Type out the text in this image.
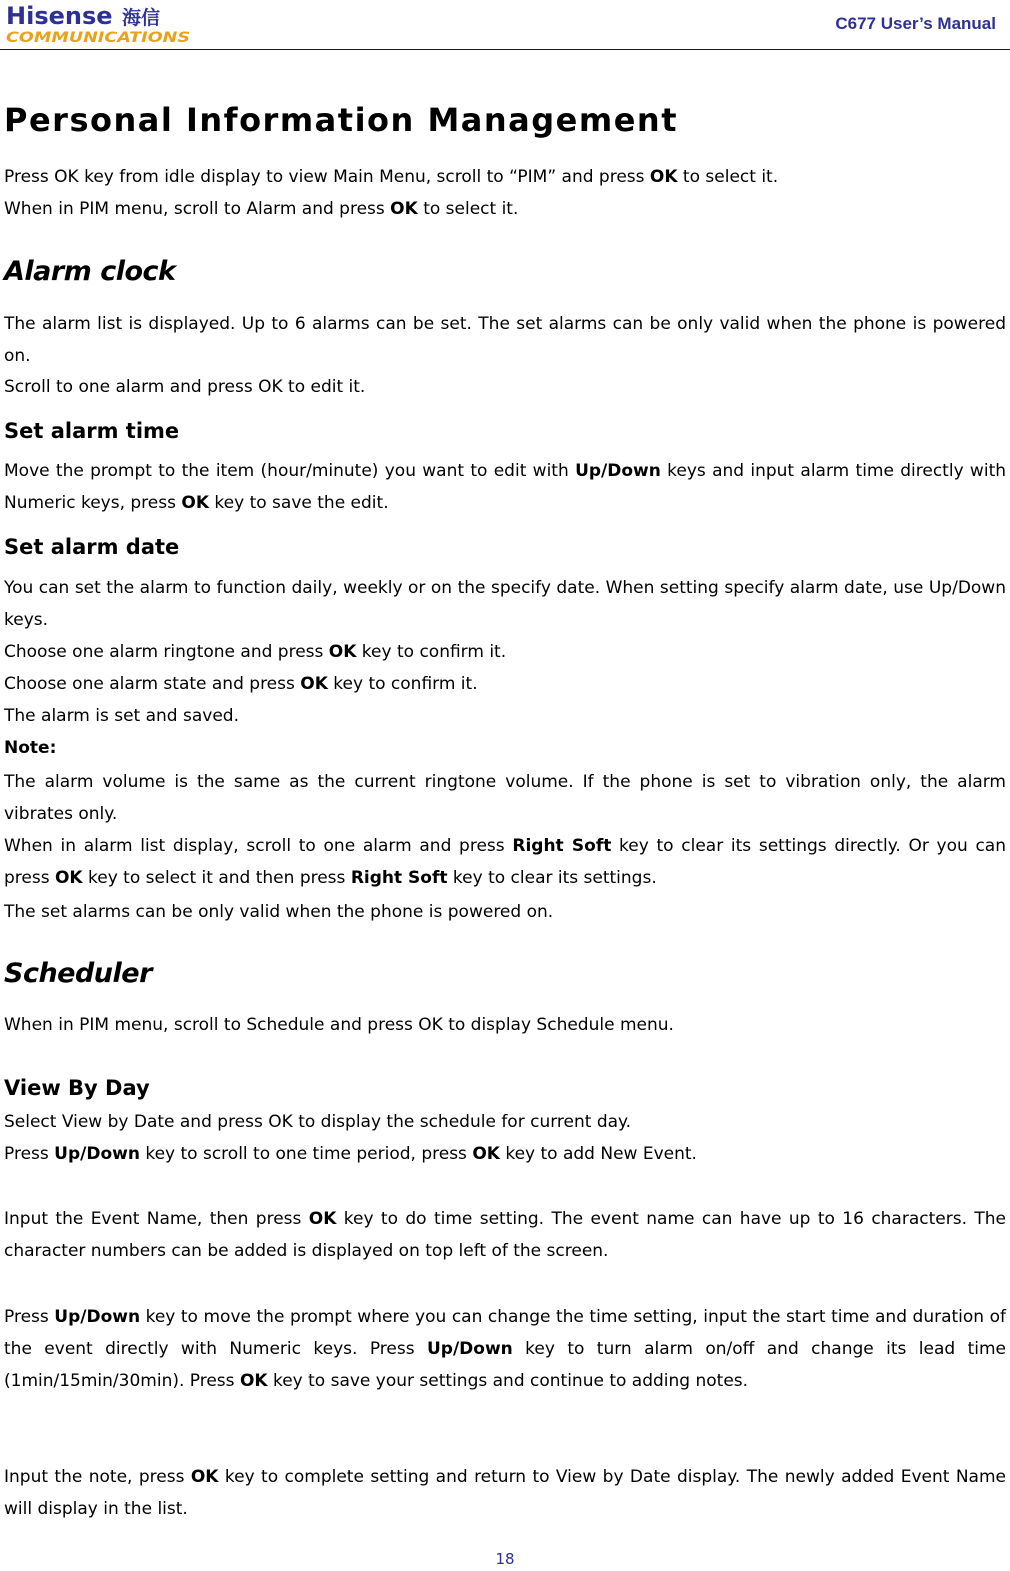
Hisense 海信
COMMUNICATIONS
C677 User’s Manual
Personal Information Management
Press OK key from idle display to view Main Menu, scroll to “PIM” and press OK to select it.
When in PIM menu, scroll to Alarm and press OK to select it.
Alarm clock
The alarm list is displayed. Up to 6 alarms can be set. The set alarms can be only valid when the phone is powered on.
Scroll to one alarm and press OK to edit it.
Set alarm time
Move the prompt to the item (hour/minute) you want to edit with Up/Down keys and input alarm time directly with Numeric keys, press OK key to save the edit.
Set alarm date
You can set the alarm to function daily, weekly or on the specify date. When setting specify alarm date, use Up/Down keys.
Choose one alarm ringtone and press OK key to confirm it.
Choose one alarm state and press OK key to confirm it.
The alarm is set and saved.
Note:
The alarm volume is the same as the current ringtone volume. If the phone is set to vibration only, the alarm vibrates only.
When in alarm list display, scroll to one alarm and press Right Soft key to clear its settings directly. Or you can press OK key to select it and then press Right Soft key to clear its settings.
The set alarms can be only valid when the phone is powered on.
Scheduler
When in PIM menu, scroll to Schedule and press OK to display Schedule menu.
View By Day
Select View by Date and press OK to display the schedule for current day.
Press Up/Down key to scroll to one time period, press OK key to add New Event.
Input the Event Name, then press OK key to do time setting. The event name can have up to 16 characters. The character numbers can be added is displayed on top left of the screen.
Press Up/Down key to move the prompt where you can change the time setting, input the start time and duration of the event directly with Numeric keys. Press Up/Down key to turn alarm on/off and change its lead time (1min/15min/30min). Press OK key to save your settings and continue to adding notes.
Input the note, press OK key to complete setting and return to View by Date display. The newly added Event Name will display in the list.
18
